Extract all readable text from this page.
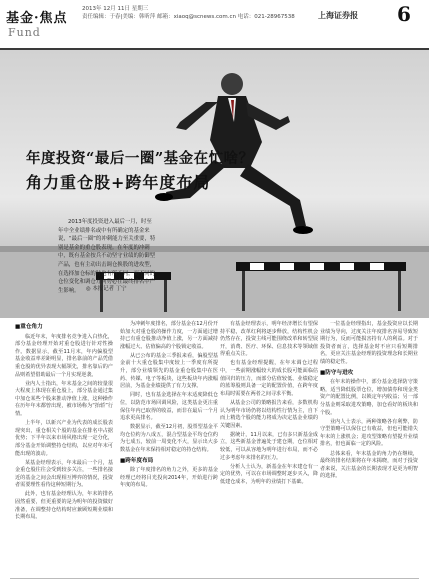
基金·焦点
Fund
2013年 12月 11日 星期三
责任编辑：于春|美编：韩昕萍 邮箱：xiaoq@scnews.com.cn 电话：021-28967538	上海证券报 6
年度投资“最后一圈”基金在忙啥？
角力重仓股+跨年度布局
2013年度投资进入最后一月，时至年中全业绩排名或中有所确定的基金来说，“最后一圈”的冲刺能力至关重要，特别是基金的重仓股表现。在年度的冲刺中，既有基金按兵不动坚守业绩的防御型产品，也有主动出击调仓换股的进攻型，在选择加仓标的时也有所不同，而不同的仓位变化和调仓方向势必在最终排名中产生影响。	◎ 本报记者 丁宁

■重仓角力

临近年末，年度排名竞争进入白热化，部分基金经理开始对重仓股进行针对性操作。数据显示，截至11月末，年内偏股型基金收益率差距明显，排名靠前的产品凭借重仓股的优异表现大幅领先，排名靠后的产品则希望借助最后一个月实现逆袭。

业内人士指出，年末基金之间的较量很大程度上体现在重仓股上，部分基金通过集中加仓某些个股来推动净值上涨，这种操作在历年年末都曾出现，被市场称为“抬轿”行情。

上半年，以新兴产业为代表的成长股表现突出，重仓相关个股的基金在排名中占据优势；下半年以来市场风格出现一定分化，部分基金开始调整持仓结构，以应对年末可能出现的波动。

某基金经理表示，年末最后一个月，基金重仓股往往会受到较多关注，一些排名接近的基金之间会出现相互博弈的情况，投资者需要理性看待这种短期行为。

此外，也有基金经理认为，年末的排名固然重要，但更重要的是为明年的投资做好准备，在调整持仓结构时应兼顾短期业绩和长期布局。

为冲刺年度排名，部分基金在12月份开始加大对重仓股的操作力度，一方面通过增持已有重仓股推动净值上涨，另一方面减持涨幅过大、估值偏高的个股锁定收益。

从已公布的基金三季报来看，偏股型基金前十大重仓股集中度较上一季度有所提升，部分业绩领先的基金重仓股集中在医药、传媒、电子等板块，这些板块年内涨幅居前，为基金业绩提供了有力支撑。

同时，也有基金选择在年末适度降低仓位，以防范市场回调风险，这类基金更注重保住年内已取得的收益，而非在最后一个月追求更高排名。

数据显示，截至12月初，股票型基金平均仓位约为八成五，混合型基金平均仓位约为七成五，较前一周变化不大，显示出大多数基金在年末保持相对稳定的持仓结构。

■跨年度布局

除了年度排名的角力之外，更多的基金经理已经将目光投向2014年，开始进行跨年度的布局。

有基金经理表示，明年经济增长有望保持平稳，改革红利将逐步释放，结构性机会仍然存在，投资主线可能围绕改革和转型展开，消费、医疗、环保、信息技术等领域值得重点关注。

也有基金经理提醒，在年末调仓过程中，一些前期涨幅较大的成长股可能面临估值回归的压力，而部分估值较低、业绩稳定的蓝筹股则具备一定的配置价值，在跨年度布局时需要在两者之间寻求平衡。

从基金公司的策略报告来看，多数机构认为明年市场仍将以结构性行情为主，自下而上精选个股的能力将成为决定基金业绩的关键因素。

据统计，11月以来，已有多只新基金成立，这些新基金普遍处于建仓期，仓位相对较低，可以从容地为明年进行布局，而不必过多考虑年末排名的压力。

分析人士认为，新基金在年末建仓有一定的优势，可以在市场调整时逐步买入，降低建仓成本，为明年的业绩打下基础。

一位基金经理指出，基金投资应以长期业绩为导向，过度关注年度排名容易导致短期行为，反而可能损害持有人的利益。对于投资者而言，选择基金时不应只看短期排名，更应关注基金经理的投资理念和长期业绩的稳定性。

■防守与进攻

在年末的操作中，部分基金选择防守策略，适当降低股票仓位，增加债券和现金类资产的配置比例，以锁定年内收益；另一部分基金则采取进攻策略，加仓看好的板块和个股。

业内人士表示，两种策略各有利弊，防守型策略可以保住已有收益，但也可能错失年末的上涨机会；进攻型策略有望提升业绩排名，但也面临一定的风险。

总体来看，年末基金的角力仍在继续，最终的排名结果将在年末揭晓，而对于投资者来说，关注基金的长期表现才是更为明智的选择。
